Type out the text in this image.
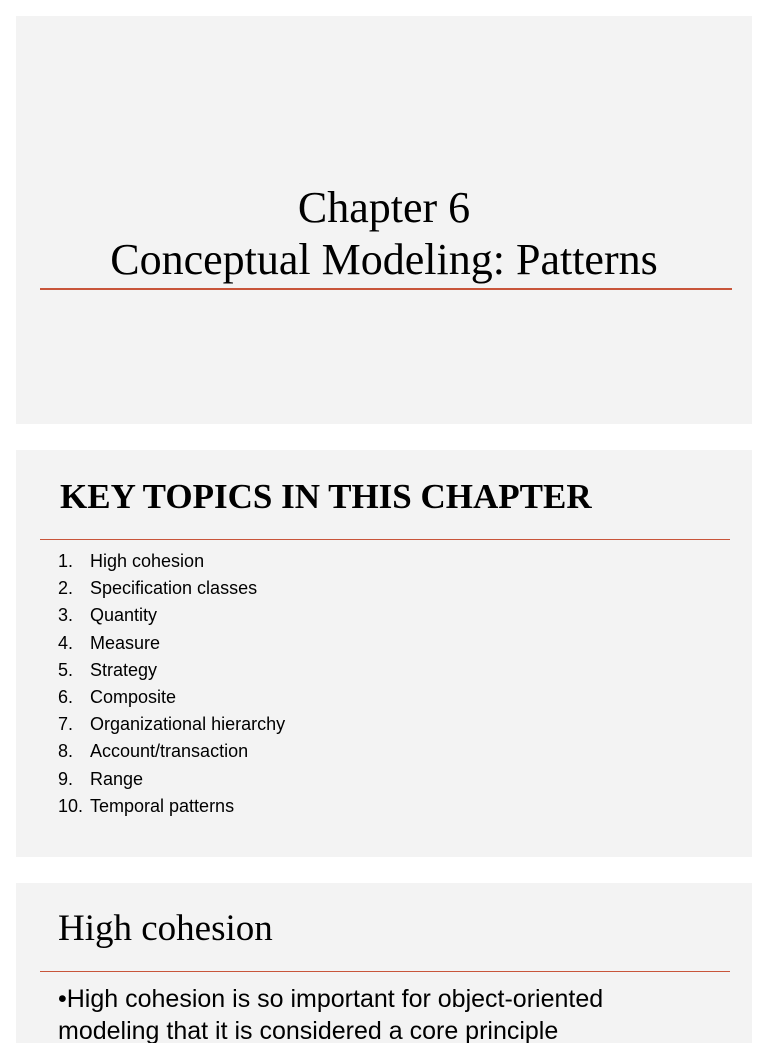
Chapter 6
Conceptual Modeling: Patterns
KEY TOPICS IN THIS CHAPTER
1. High cohesion
2. Specification classes
3. Quantity
4. Measure
5. Strategy
6. Composite
7. Organizational hierarchy
8. Account/transaction
9. Range
10. Temporal patterns
High cohesion
•High cohesion is so important for object-oriented modeling that it is considered a core principle
